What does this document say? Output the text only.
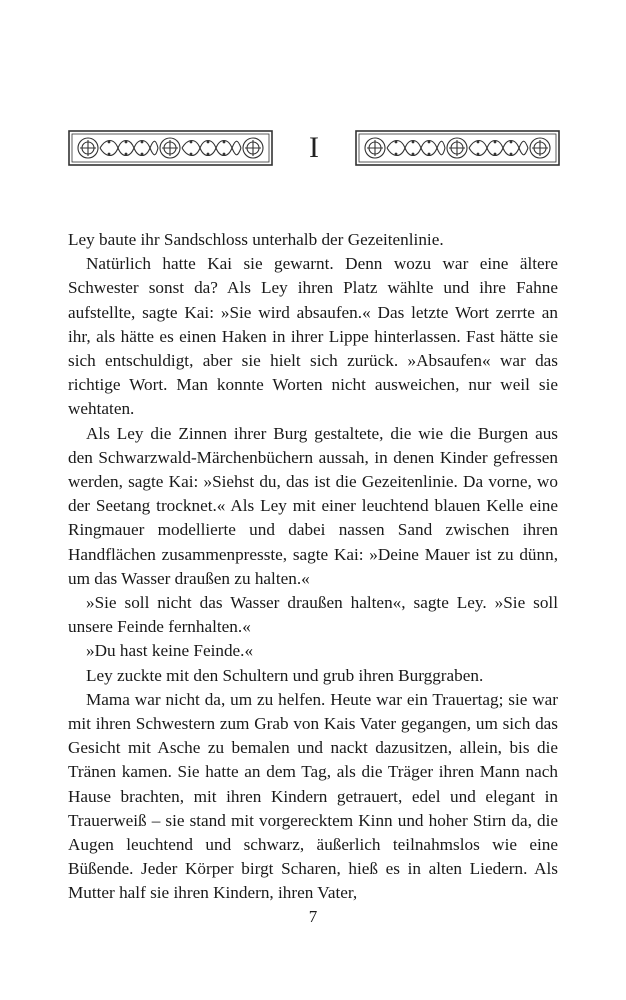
I

Ley baute ihr Sandschloss unterhalb der Gezeitenlinie.

Natürlich hatte Kai sie gewarnt. Denn wozu war eine ältere Schwester sonst da? Als Ley ihren Platz wählte und ihre Fahne aufstellte, sagte Kai: »Sie wird absaufen.« Das letzte Wort zerrte an ihr, als hätte es einen Haken in ihrer Lippe hinterlassen. Fast hätte sie sich entschuldigt, aber sie hielt sich zurück. »Absaufen« war das richtige Wort. Man konnte Worten nicht ausweichen, nur weil sie wehtaten.

Als Ley die Zinnen ihrer Burg gestaltete, die wie die Burgen aus den Schwarzwald-Märchenbüchern aussah, in denen Kinder gefressen werden, sagte Kai: »Siehst du, das ist die Gezeitenlinie. Da vorne, wo der Seetang trocknet.« Als Ley mit einer leuchtend blauen Kelle eine Ringmauer modellierte und dabei nassen Sand zwischen ihren Handflächen zusammenpresste, sagte Kai: »Deine Mauer ist zu dünn, um das Wasser draußen zu halten.«

»Sie soll nicht das Wasser draußen halten«, sagte Ley. »Sie soll unsere Feinde fernhalten.«

»Du hast keine Feinde.«

Ley zuckte mit den Schultern und grub ihren Burggraben.

Mama war nicht da, um zu helfen. Heute war ein Trauertag; sie war mit ihren Schwestern zum Grab von Kais Vater gegangen, um sich das Gesicht mit Asche zu bemalen und nackt dazusitzen, allein, bis die Tränen kamen. Sie hatte an dem Tag, als die Träger ihren Mann nach Hause brachten, mit ihren Kindern getrauert, edel und elegant in Trauerweiß – sie stand mit vorgerecktem Kinn und hoher Stirn da, die Augen leuchtend und schwarz, äußerlich teilnahmslos wie eine Büßende. Jeder Körper birgt Scharen, hieß es in alten Liedern. Als Mutter half sie ihren Kindern, ihren Vater,

7
